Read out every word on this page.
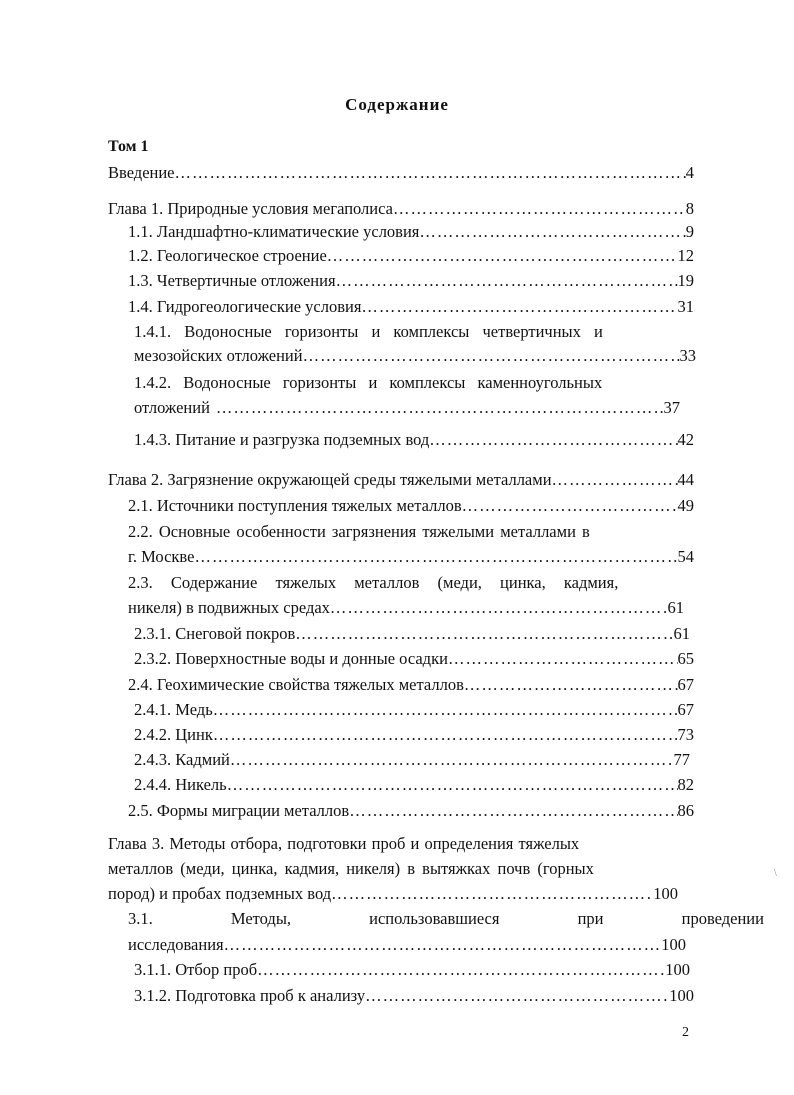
Содержание
Том 1
Введение ……………………………………………………………………………………………………………………………………………………………………………………………	4
Глава 1. Природные условия мегаполиса ……………………………………………………………………………………………………………………………………………………………………………………………	8
1.1. Ландшафтно-климатические условия ……………………………………………………………………………………………………………………………………………………………………………………………	9
1.2. Геологическое строение ……………………………………………………………………………………………………………………………………………………………………………………………	12
1.3. Четвертичные отложения ……………………………………………………………………………………………………………………………………………………………………………………………	19
1.4. Гидрогеологические условия ……………………………………………………………………………………………………………………………………………………………………………………………	31
1.4.1. Водоносные горизонты и комплексы четвертичных и
мезозойских отложений ……………………………………………………………………………………………………………………………………………………………………………………………	33
1.4.2. Водоносные горизонты и комплексы каменноугольных
отложений ……………………………………………………………………………………………………………………………………………………………………………………………	37
1.4.3. Питание и разгрузка подземных вод ……………………………………………………………………………………………………………………………………………………………………………………………	42
Глава 2. Загрязнение окружающей среды тяжелыми металлами ……………………………………………………………………………………………………………………………………………………………………………………………	44
2.1. Источники поступления тяжелых металлов ……………………………………………………………………………………………………………………………………………………………………………………………	49
2.2. Основные особенности загрязнения тяжелыми металлами в
г. Москве ……………………………………………………………………………………………………………………………………………………………………………………………	54
2.3. Содержание тяжелых металлов (меди, цинка, кадмия,
никеля) в подвижных средах ……………………………………………………………………………………………………………………………………………………………………………………………	61
2.3.1. Снеговой покров ……………………………………………………………………………………………………………………………………………………………………………………………	61
2.3.2. Поверхностные воды и донные осадки ……………………………………………………………………………………………………………………………………………………………………………………………	65
2.4. Геохимические свойства тяжелых металлов ……………………………………………………………………………………………………………………………………………………………………………………………	67
2.4.1. Медь ……………………………………………………………………………………………………………………………………………………………………………………………	67
2.4.2. Цинк ……………………………………………………………………………………………………………………………………………………………………………………………	73
2.4.3. Кадмий ……………………………………………………………………………………………………………………………………………………………………………………………	77
2.4.4. Никель ……………………………………………………………………………………………………………………………………………………………………………………………	82
2.5. Формы миграции металлов ……………………………………………………………………………………………………………………………………………………………………………………………	86
Глава 3. Методы отбора, подготовки проб и определения тяжелых
металлов (меди, цинка, кадмия, никеля) в вытяжках почв (горных
пород) и пробах подземных вод ……………………………………………………………………………………………………………………………………………………………………………………………	100
3.1. Методы, использовавшиеся при проведении
исследования ……………………………………………………………………………………………………………………………………………………………………………………………	100
3.1.1. Отбор проб ……………………………………………………………………………………………………………………………………………………………………………………………	100
3.1.2. Подготовка проб к анализу ……………………………………………………………………………………………………………………………………………………………………………………………	100
\
2
